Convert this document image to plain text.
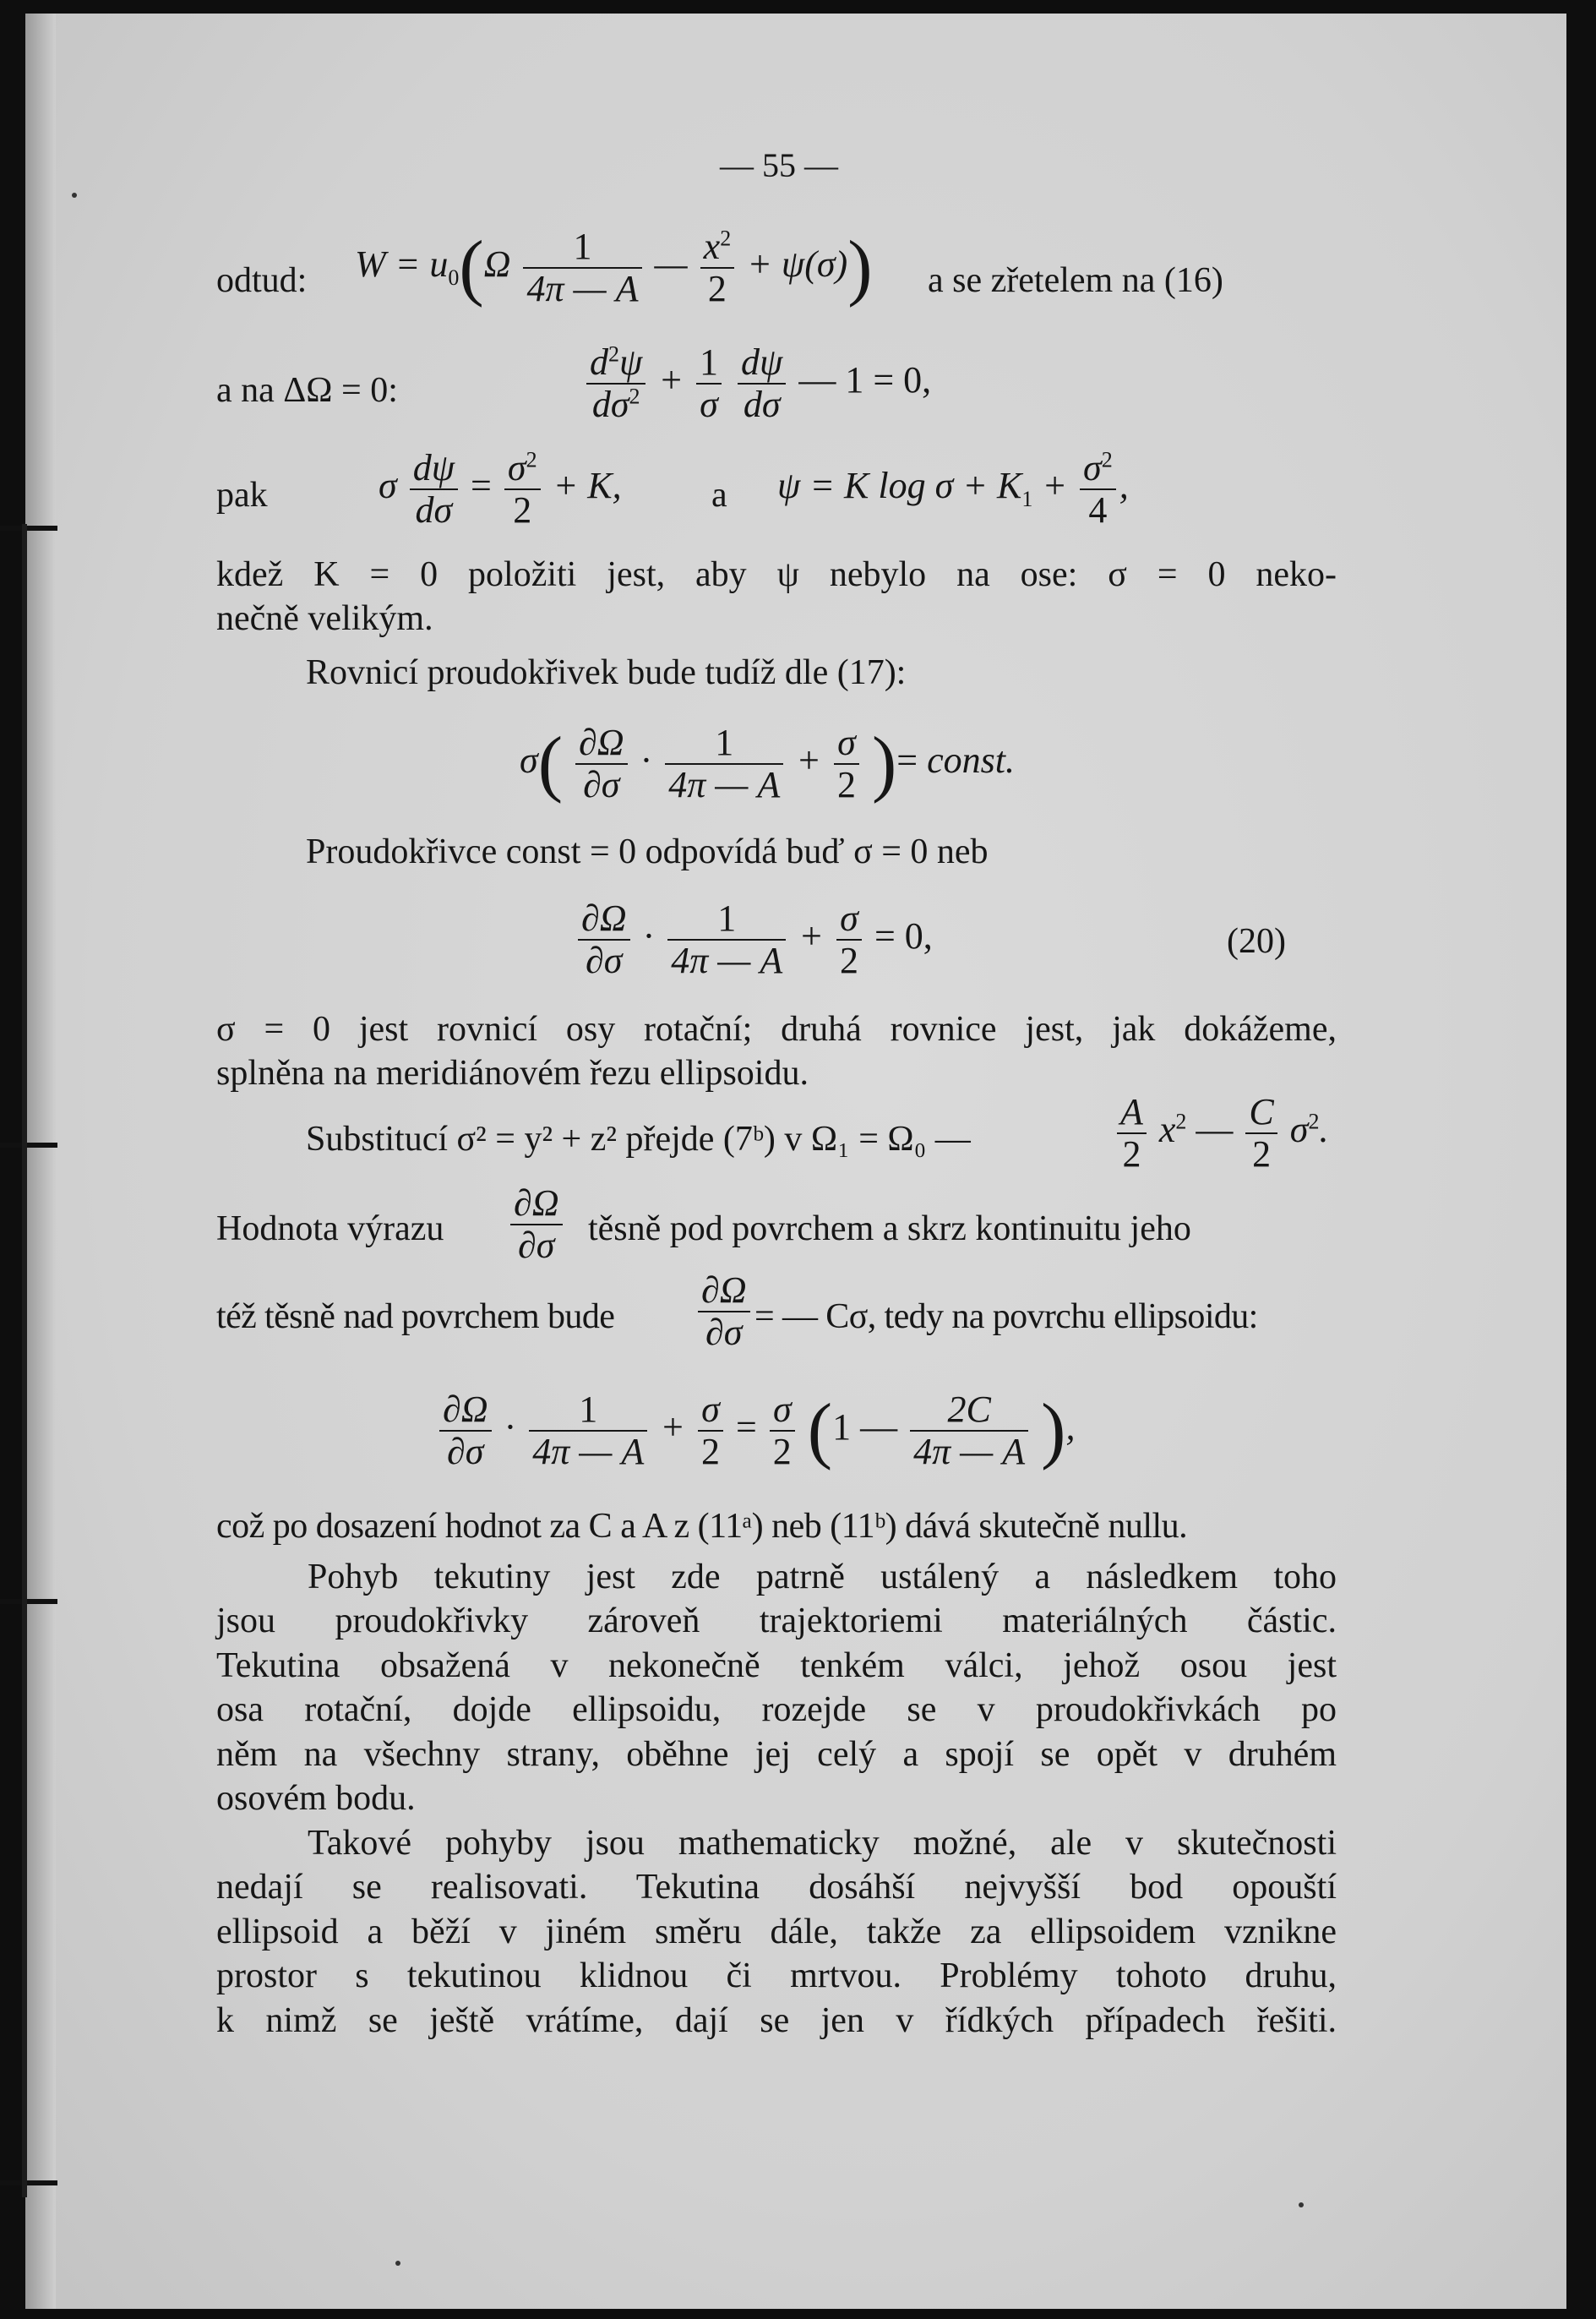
— 55 —
odtud: $W = u_0(\Omega \frac{1}{4\pi — A}$ — $\frac{x^2}{2} + \psi(\sigma)$) a se zřetelem na (16)
a na ΔΩ = 0:	$\frac{d^2\psi}{d\sigma^2} + \frac{1}{\sigma}$
$\frac{d\psi}{d\sigma}$ — 1 = 0,
pak	σ $\frac{d\psi}{d\sigma} = \frac{\sigma^2}{2} + K$,	a ψ = K $\log \sigma + K_1 + \frac{\sigma^2}{4}$ ,
kdež K = 0 položiti jest, aby ψ nebylo na ose: σ = 0 neko-
nečně velikým.
Rovnicí proudokřivek bude tudíž dle (17):
$\sigma( \frac{\partial\Omega}{\partial\sigma} \cdot \frac{1}{4\pi — A} + \frac{\sigma}{2}$ )= const.
Proudokřivce const = 0 odpovídá buď σ = 0 neb
$\frac{\partial\Omega}{\partial\sigma} \cdot \frac{1}{4\pi — A} + \frac{\sigma}{2} = 0$,	(20)
σ = 0 jest rovnicí osy rotační; druhá rovnice jest, jak dokážeme,
splněna na meridiánovém řezu ellipsoidu.
Substitucí σ² = y² + z² přejde (7ᵇ) v Ω₁ = Ω₀ —	$\frac{A}{2} x^2$ — $\frac{C}{2} \sigma^2$.
Hodnota výrazu $\frac{\partial\Omega}{\partial\sigma}$ těsně pod povrchem a skrz kontinuitu jeho
též těsně nad povrchem bude $\frac{\partial\Omega}{\partial\sigma}$ = — Cσ, tedy na povrchu ellipsoidu:
$\frac{\partial\Omega}{\partial\sigma} \cdot \frac{1}{4\pi — A} + \frac{\sigma}{2} = \frac{\sigma}{2} (1$ — $\frac{2C}{4\pi — A}$ ),
což po dosazení hodnot za C a A z (11ᵃ) neb (11ᵇ) dává skutečně nullu.
Pohyb tekutiny jest zde patrně ustálený a následkem toho
jsou proudokřivky zároveň trajektoriemi materiálných částic.
Tekutina obsažená v nekonečně tenkém válci, jehož osou jest
osa rotační, dojde ellipsoidu, rozejde se v proudokřivkách po
něm na všechny strany, oběhne jej celý a spojí se opět v druhém
osovém bodu.
Takové pohyby jsou mathematicky možné, ale v skutečnosti
nedají se realisovati. Tekutina dosáhší nejvyšší bod opouští
ellipsoid a běží v jiném směru dále, takže za ellipsoidem vznikne
prostor s tekutinou klidnou či mrtvou. Problémy tohoto druhu,
k nimž se ještě vrátíme, dají se jen v řídkých případech řešiti.
